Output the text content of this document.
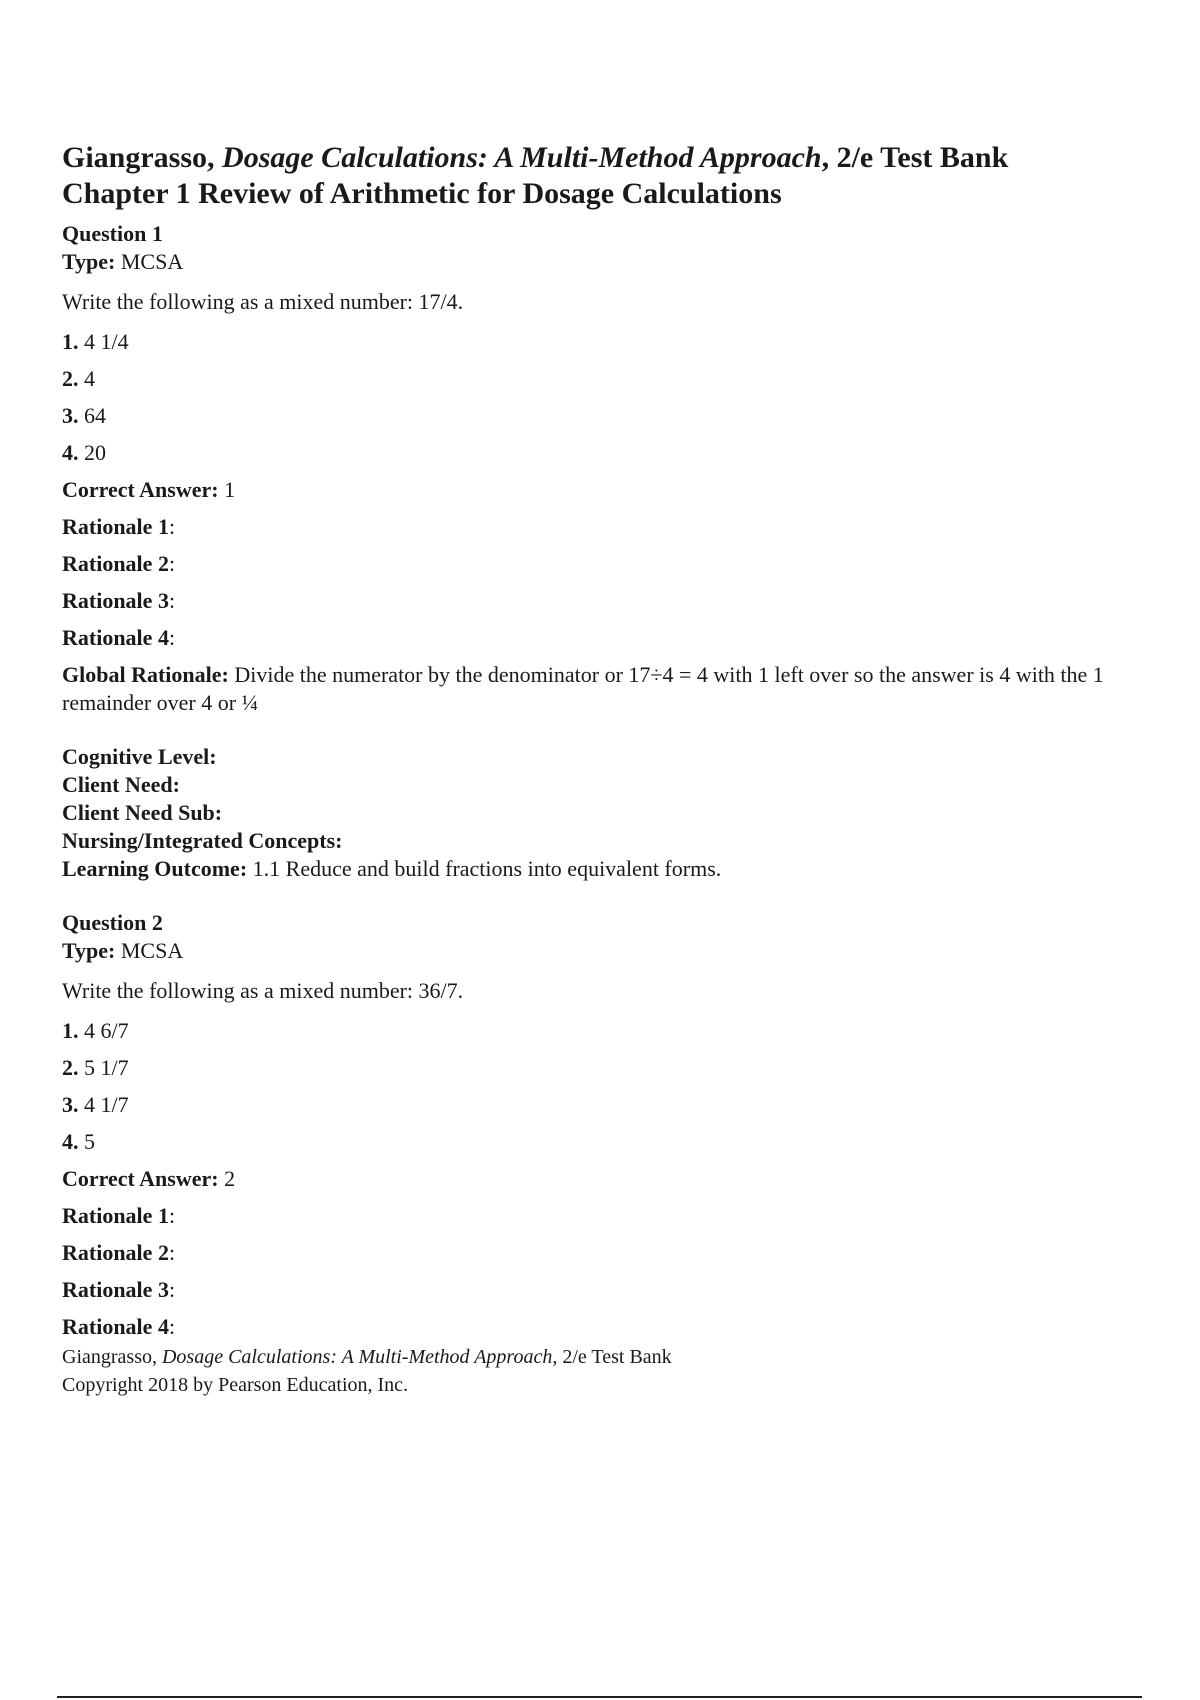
Giangrasso, Dosage Calculations: A Multi-Method Approach, 2/e Test Bank
Chapter 1 Review of Arithmetic for Dosage Calculations
Question 1
Type: MCSA
Write the following as a mixed number: 17/4.
1. 4 1/4
2. 4
3. 64
4. 20
Correct Answer: 1
Rationale 1:
Rationale 2:
Rationale 3:
Rationale 4:
Global Rationale: Divide the numerator by the denominator or 17÷4 = 4 with 1 left over so the answer is 4 with the 1 remainder over 4 or ¼
Cognitive Level:
Client Need:
Client Need Sub:
Nursing/Integrated Concepts:
Learning Outcome: 1.1 Reduce and build fractions into equivalent forms.
Question 2
Type: MCSA
Write the following as a mixed number: 36/7.
1. 4 6/7
2. 5 1/7
3. 4 1/7
4. 5
Correct Answer: 2
Rationale 1:
Rationale 2:
Rationale 3:
Rationale 4:
Giangrasso, Dosage Calculations: A Multi-Method Approach, 2/e Test Bank
Copyright 2018 by Pearson Education, Inc.
